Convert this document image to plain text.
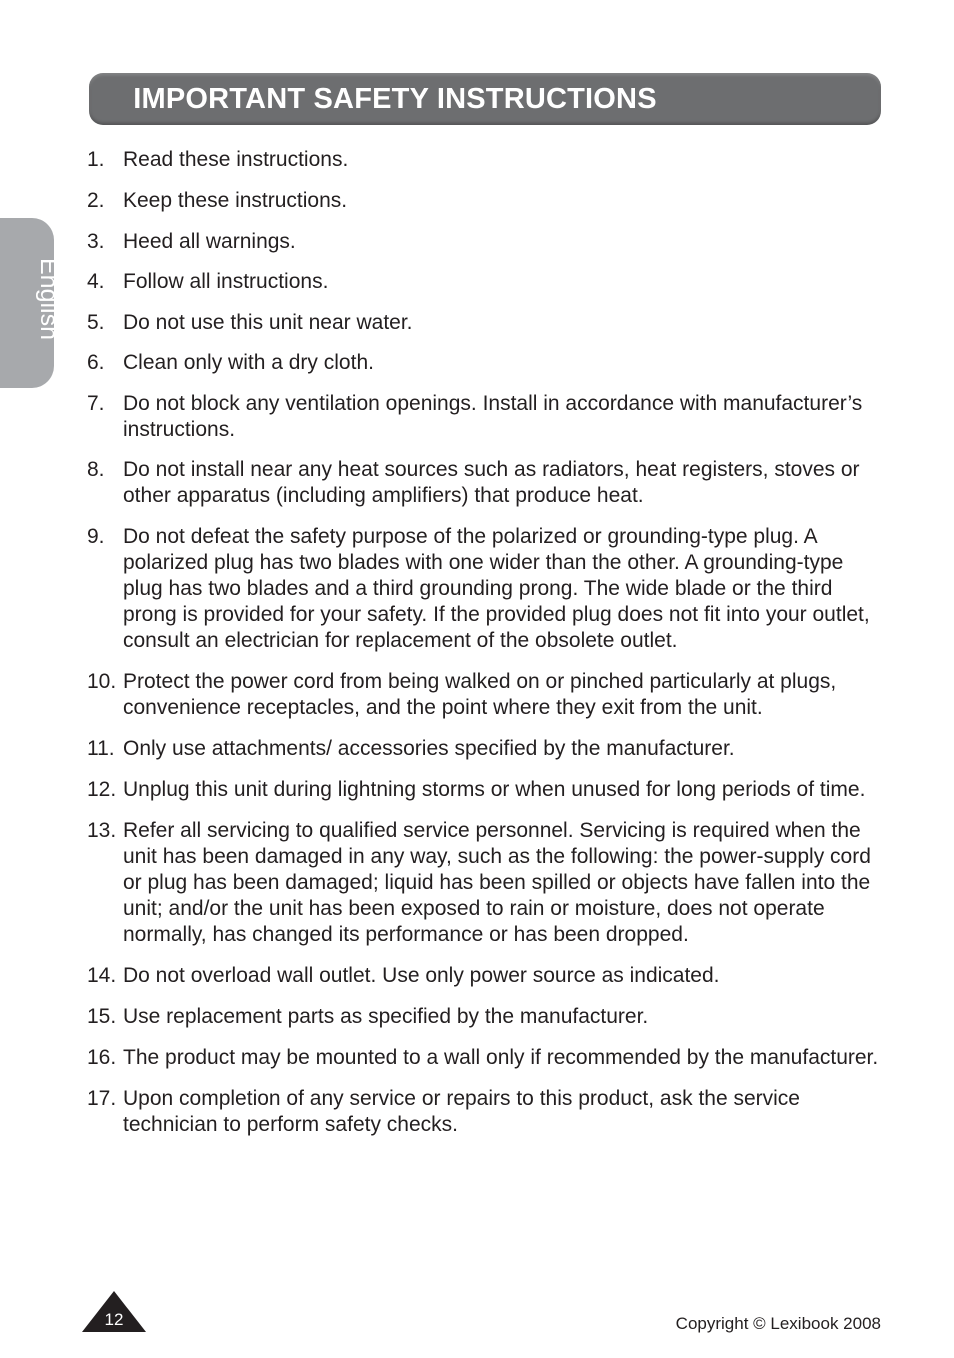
IMPORTANT SAFETY INSTRUCTIONS
English
1. Read these instructions.
2. Keep these instructions.
3. Heed all warnings.
4. Follow all instructions.
5. Do not use this unit near water.
6. Clean only with a dry cloth.
7. Do not block any ventilation openings. Install in accordance with manufacturer’s instructions.
8. Do not install near any heat sources such as radiators, heat registers, stoves or other apparatus (including amplifiers) that produce heat.
9. Do not defeat the safety purpose of the polarized or grounding-type plug. A polarized plug has two blades with one wider than the other. A grounding-type plug has two blades and a third grounding prong. The wide blade or the third prong is provided for your safety. If the provided plug does not fit into your outlet, consult an electrician for replacement of the obsolete outlet.
10. Protect the power cord from being walked on or pinched particularly at plugs, convenience receptacles, and the point where they exit from the unit.
11. Only use attachments/ accessories specified by the manufacturer.
12. Unplug this unit during lightning storms or when unused for long periods of time.
13. Refer all servicing to qualified service personnel. Servicing is required when the unit has been damaged in any way, such as the following: the power-supply cord or plug has been damaged; liquid has been spilled or objects have fallen into the unit; and/or the unit has been exposed to rain or moisture, does not operate normally, has changed its performance or has been dropped.
14. Do not overload wall outlet. Use only power source as indicated.
15. Use replacement parts as specified by the manufacturer.
16. The product may be mounted to a wall only if recommended by the manufacturer.
17. Upon completion of any service or repairs to this product, ask the service technician to perform safety checks.
12	Copyright © Lexibook 2008
